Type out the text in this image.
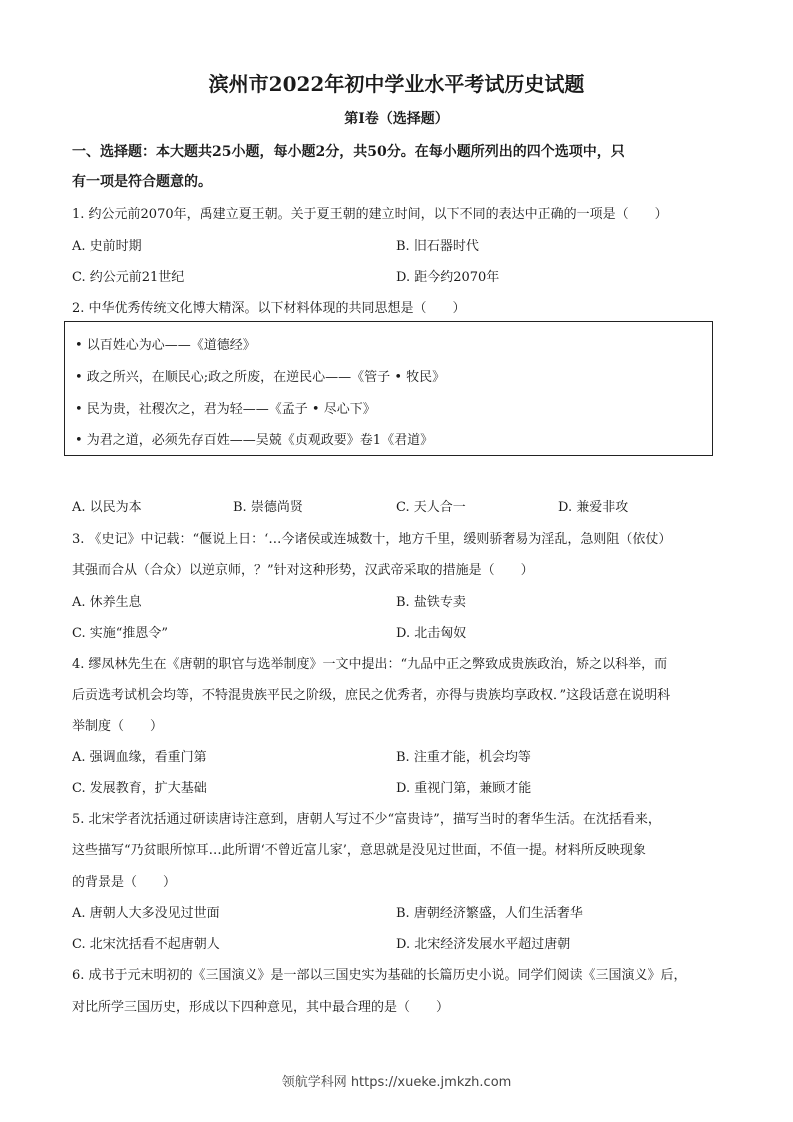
滨州市2022年初中学业水平考试历史试题
第Ⅰ卷（选择题）
一、选择题：本大题共25小题，每小题2分，共50分。在每小题所列出的四个选项中，只
有一项是符合题意的。
1. 约公元前2070年，禹建立夏王朝。关于夏王朝的建立时间，以下不同的表达中正确的一项是（　　）
A. 史前时期	B. 旧石器时代
C. 约公元前21世纪	D. 距今约2070年
2. 中华优秀传统文化博大精深。以下材料体现的共同思想是（　　）
• 以百姓心为心——《道德经》
• 政之所兴，在顺民心;政之所废，在逆民心——《管子 • 牧民》
• 民为贵，社稷次之，君为轻——《孟子 • 尽心下》
• 为君之道，必须先存百姓——吴兢《贞观政要》卷1《君道》
A. 以民为本	B. 崇德尚贤	C. 天人合一	D. 兼爱非攻
3. 《史记》中记载：“偃说上日：‘…今诸侯或连城数十，地方千里，缓则骄奢易为淫乱，急则阻（依仗）
其强而合从（合众）以逆京师，？”针对这种形势，汉武帝采取的措施是（　　）
A. 休养生息	B. 盐铁专卖
C. 实施“推恩令”	D. 北击匈奴
4. 缪凤林先生在《唐朝的职官与选举制度》一文中提出：“九品中正之弊致成贵族政治，矫之以科举，而
后贡选考试机会均等，不特混贵族平民之阶级，庶民之优秀者，亦得与贵族均享政权．”这段话意在说明科
举制度（　　）
A. 强调血缘，看重门第	B. 注重才能，机会均等
C. 发展教育，扩大基础	D. 重视门第，兼顾才能
5. 北宋学者沈括通过研读唐诗注意到，唐朝人写过不少“富贵诗”，描写当时的奢华生活。在沈括看来，
这些描写“乃贫眼所惊耳…此所谓‘不曾近富儿家’，意思就是没见过世面，不值一提。材料所反映现象
的背景是（　　）
A. 唐朝人大多没见过世面	B. 唐朝经济繁盛，人们生活奢华
C. 北宋沈括看不起唐朝人	D. 北宋经济发展水平超过唐朝
6. 成书于元末明初的《三国演义》是一部以三国史实为基础的长篇历史小说。同学们阅读《三国演义》后，
对比所学三国历史，形成以下四种意见，其中最合理的是（　　）
领航学科网 https://xueke.jmkzh.com
